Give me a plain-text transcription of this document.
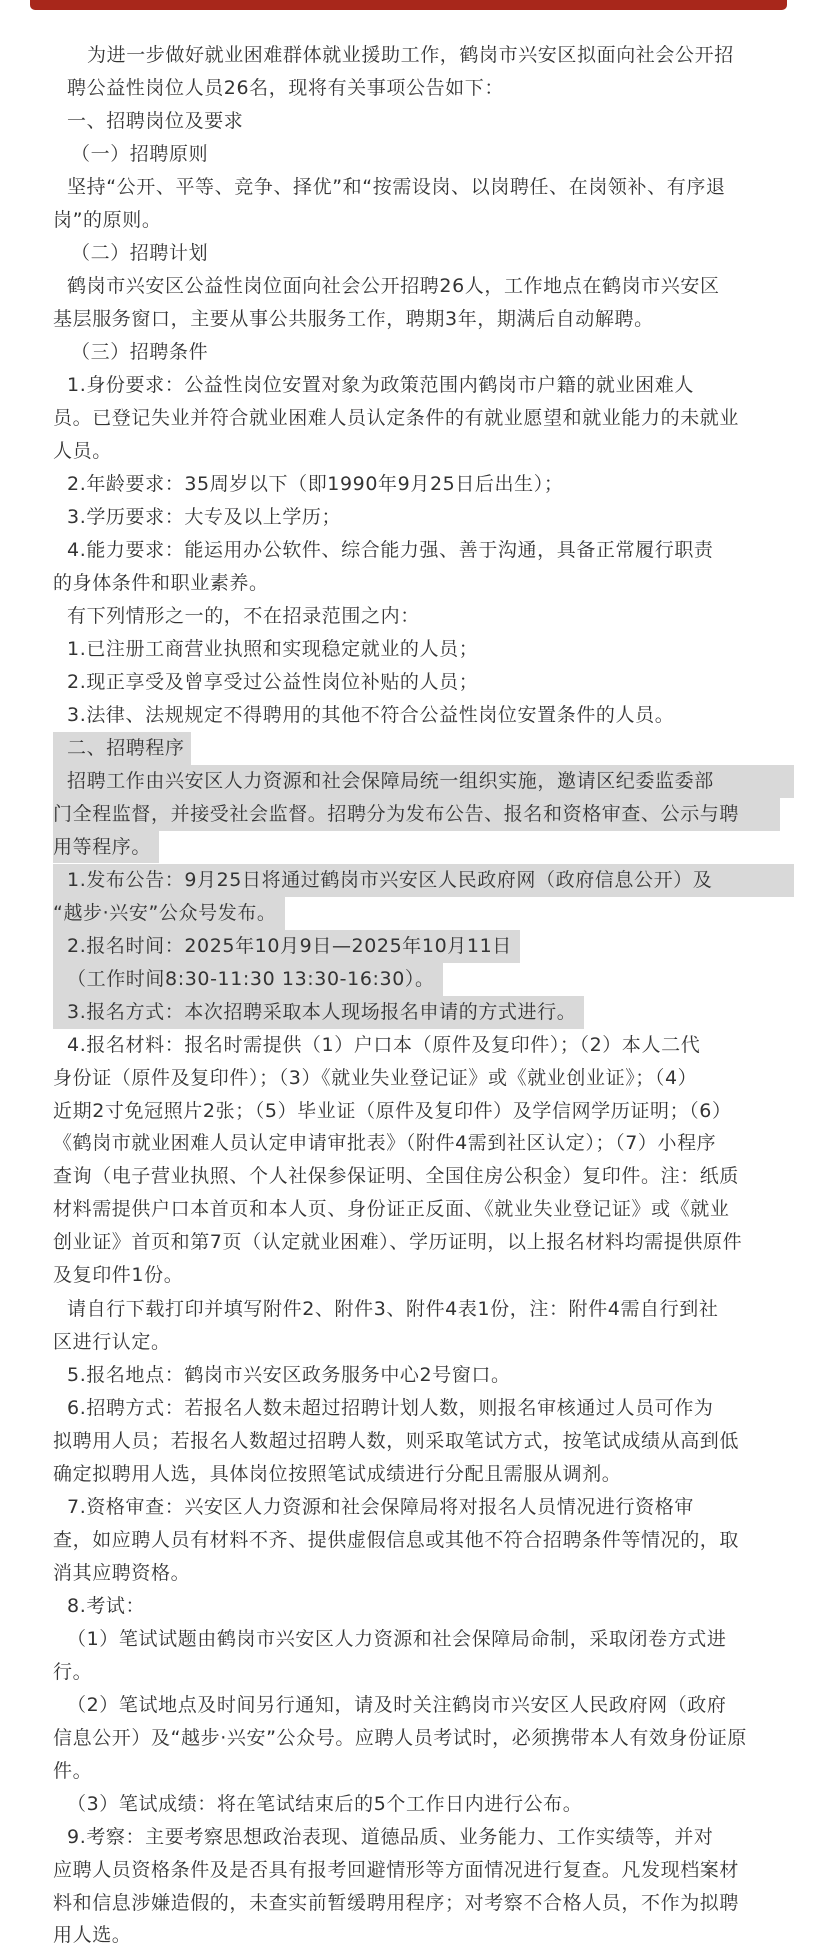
为进一步做好就业困难群体就业援助工作，鹤岗市兴安区拟面向社会公开招
聘公益性岗位人员26名，现将有关事项公告如下：

一、招聘岗位及要求

（一）招聘原则

坚持“公开、平等、竞争、择优”和“按需设岗、以岗聘任、在岗领补、有序退
岗”的原则。

（二）招聘计划

鹤岗市兴安区公益性岗位面向社会公开招聘26人，工作地点在鹤岗市兴安区
基层服务窗口，主要从事公共服务工作，聘期3年，期满后自动解聘。

（三）招聘条件

1.身份要求：公益性岗位安置对象为政策范围内鹤岗市户籍的就业困难人
员。已登记失业并符合就业困难人员认定条件的有就业愿望和就业能力的未就业
人员。

2.年龄要求：35周岁以下（即1990年9月25日后出生）；

3.学历要求：大专及以上学历；

4.能力要求：能运用办公软件、综合能力强、善于沟通，具备正常履行职责
的身体条件和职业素养。

有下列情形之一的，不在招录范围之内：

1.已注册工商营业执照和实现稳定就业的人员；

2.现正享受及曾享受过公益性岗位补贴的人员；

3.法律、法规规定不得聘用的其他不符合公益性岗位安置条件的人员。

二、招聘程序

招聘工作由兴安区人力资源和社会保障局统一组织实施，邀请区纪委监委部
门全程监督，并接受社会监督。招聘分为发布公告、报名和资格审查、公示与聘
用等程序。

1.发布公告：9月25日将通过鹤岗市兴安区人民政府网（政府信息公开）及
“越步·兴安”公众号发布。

2.报名时间：2025年10月9日—2025年10月11日
（工作时间8:30-11:30 13:30-16:30）。

3.报名方式：本次招聘采取本人现场报名申请的方式进行。

4.报名材料：报名时需提供（1）户口本（原件及复印件）；（2）本人二代
身份证（原件及复印件）；（3）《就业失业登记证》或《就业创业证》；（4）
近期2寸免冠照片2张；（5）毕业证（原件及复印件）及学信网学历证明；（6）
《鹤岗市就业困难人员认定申请审批表》（附件4需到社区认定）；（7）小程序
查询（电子营业执照、个人社保参保证明、全国住房公积金）复印件。注：纸质
材料需提供户口本首页和本人页、身份证正反面、《就业失业登记证》或《就业
创业证》首页和第7页（认定就业困难）、学历证明，以上报名材料均需提供原件
及复印件1份。

请自行下载打印并填写附件2、附件3、附件4表1份，注：附件4需自行到社
区进行认定。

5.报名地点：鹤岗市兴安区政务服务中心2号窗口。

6.招聘方式：若报名人数未超过招聘计划人数，则报名审核通过人员可作为
拟聘用人员；若报名人数超过招聘人数，则采取笔试方式，按笔试成绩从高到低
确定拟聘用人选，具体岗位按照笔试成绩进行分配且需服从调剂。

7.资格审查：兴安区人力资源和社会保障局将对报名人员情况进行资格审
查，如应聘人员有材料不齐、提供虚假信息或其他不符合招聘条件等情况的，取
消其应聘资格。

8.考试：

（1）笔试试题由鹤岗市兴安区人力资源和社会保障局命制，采取闭卷方式进
行。

（2）笔试地点及时间另行通知，请及时关注鹤岗市兴安区人民政府网（政府
信息公开）及“越步·兴安”公众号。应聘人员考试时，必须携带本人有效身份证原
件。

（3）笔试成绩：将在笔试结束后的5个工作日内进行公布。

9.考察：主要考察思想政治表现、道德品质、业务能力、工作实绩等，并对
应聘人员资格条件及是否具有报考回避情形等方面情况进行复查。凡发现档案材
料和信息涉嫌造假的，未查实前暂缓聘用程序；对考察不合格人员，不作为拟聘
用人选。
